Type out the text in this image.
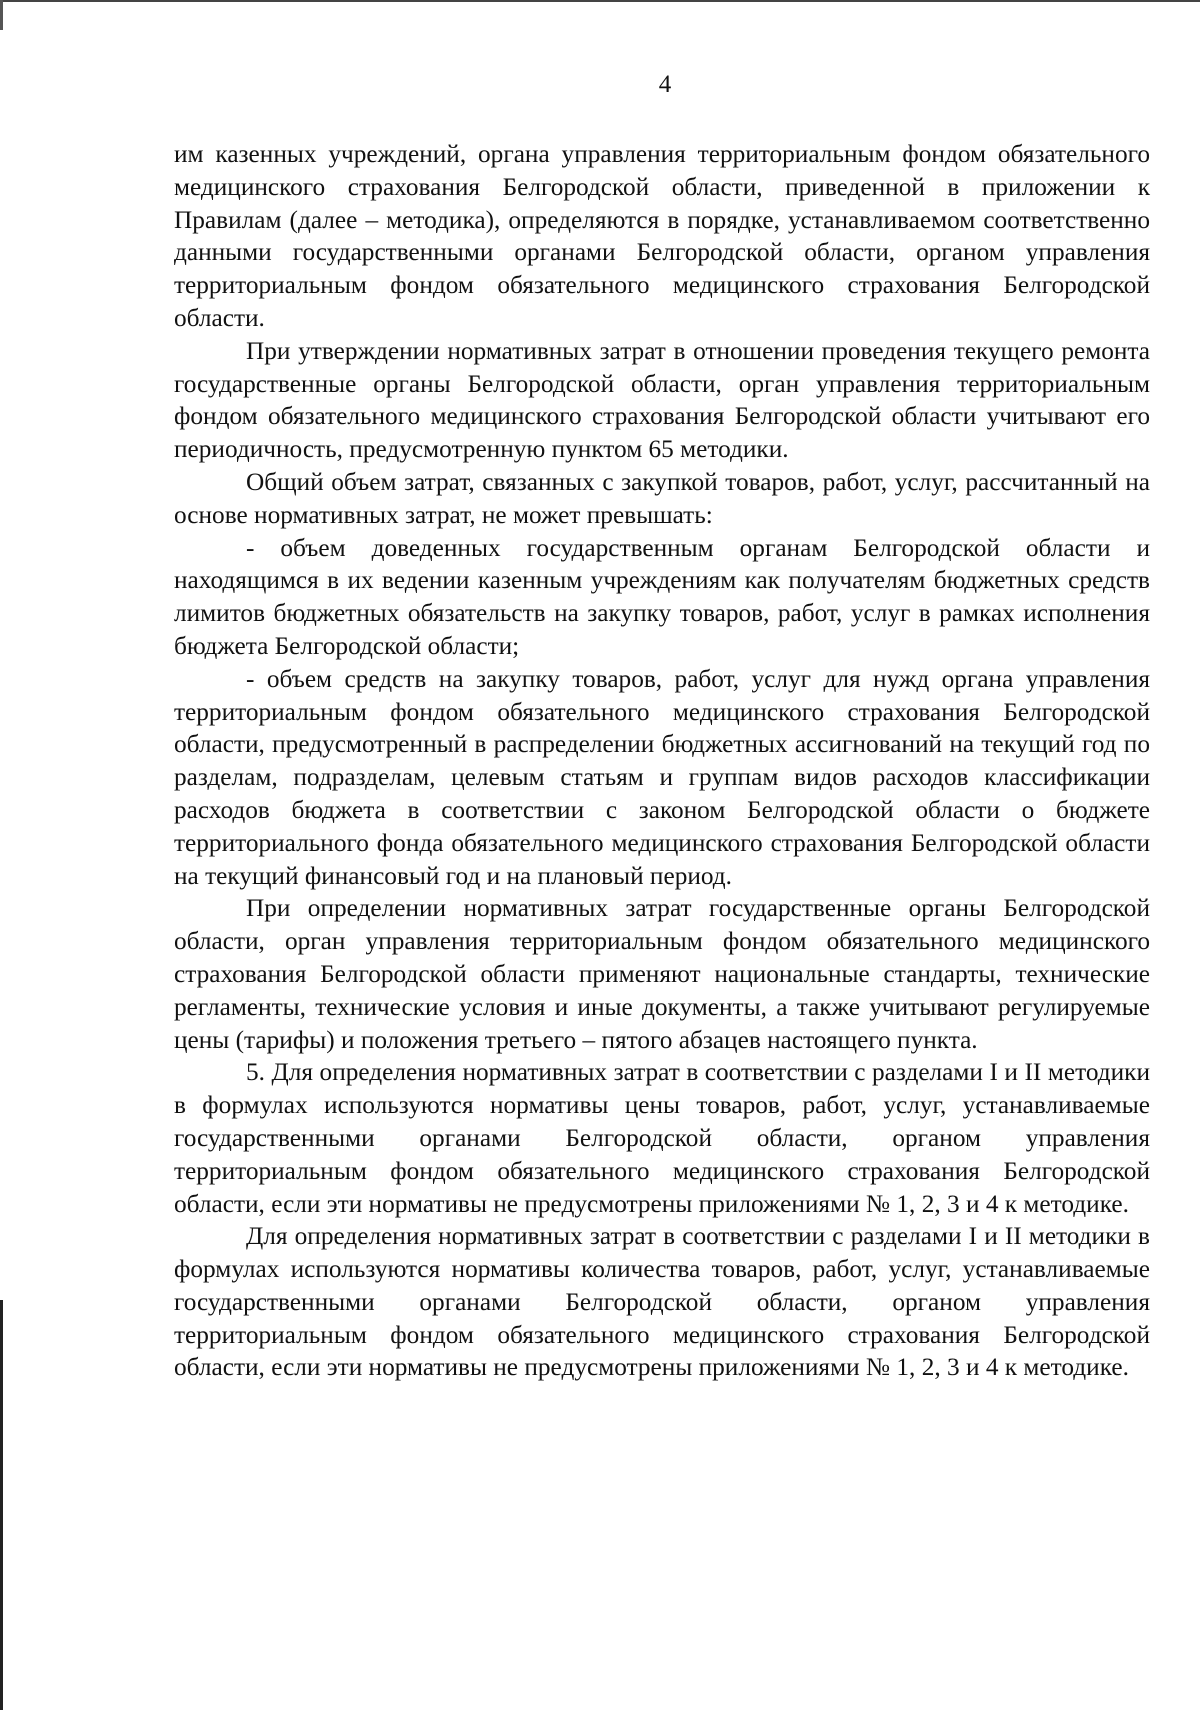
4

им казенных учреждений, органа управления территориальным фондом обязательного медицинского страхования Белгородской области, приведенной в приложении к Правилам (далее – методика), определяются в порядке, устанавливаемом соответственно данными государственными органами Белгородской области, органом управления территориальным фондом обязательного медицинского страхования Белгородской области.

При утверждении нормативных затрат в отношении проведения текущего ремонта государственные органы Белгородской области, орган управления территориальным фондом обязательного медицинского страхования Белгородской области учитывают его периодичность, предусмотренную пунктом 65 методики.

Общий объем затрат, связанных с закупкой товаров, работ, услуг, рассчитанный на основе нормативных затрат, не может превышать:

- объем доведенных государственным органам Белгородской области и находящимся в их ведении казенным учреждениям как получателям бюджетных средств лимитов бюджетных обязательств на закупку товаров, работ, услуг в рамках исполнения бюджета Белгородской области;

- объем средств на закупку товаров, работ, услуг для нужд органа управления территориальным фондом обязательного медицинского страхования Белгородской области, предусмотренный в распределении бюджетных ассигнований на текущий год по разделам, подразделам, целевым статьям и группам видов расходов классификации расходов бюджета в соответствии с законом Белгородской области о бюджете территориального фонда обязательного медицинского страхования Белгородской области на текущий финансовый год и на плановый период.

При определении нормативных затрат государственные органы Белгородской области, орган управления территориальным фондом обязательного медицинского страхования Белгородской области применяют национальные стандарты, технические регламенты, технические условия и иные документы, а также учитывают регулируемые цены (тарифы) и положения третьего – пятого абзацев настоящего пункта.

5. Для определения нормативных затрат в соответствии с разделами I и II методики в формулах используются нормативы цены товаров, работ, услуг, устанавливаемые государственными органами Белгородской области, органом управления территориальным фондом обязательного медицинского страхования Белгородской области, если эти нормативы не предусмотрены приложениями № 1, 2, 3 и 4 к методике.

Для определения нормативных затрат в соответствии с разделами I и II методики в формулах используются нормативы количества товаров, работ, услуг, устанавливаемые государственными органами Белгородской области, органом управления территориальным фондом обязательного медицинского страхования Белгородской области, если эти нормативы не предусмотрены приложениями № 1, 2, 3 и 4 к методике.
